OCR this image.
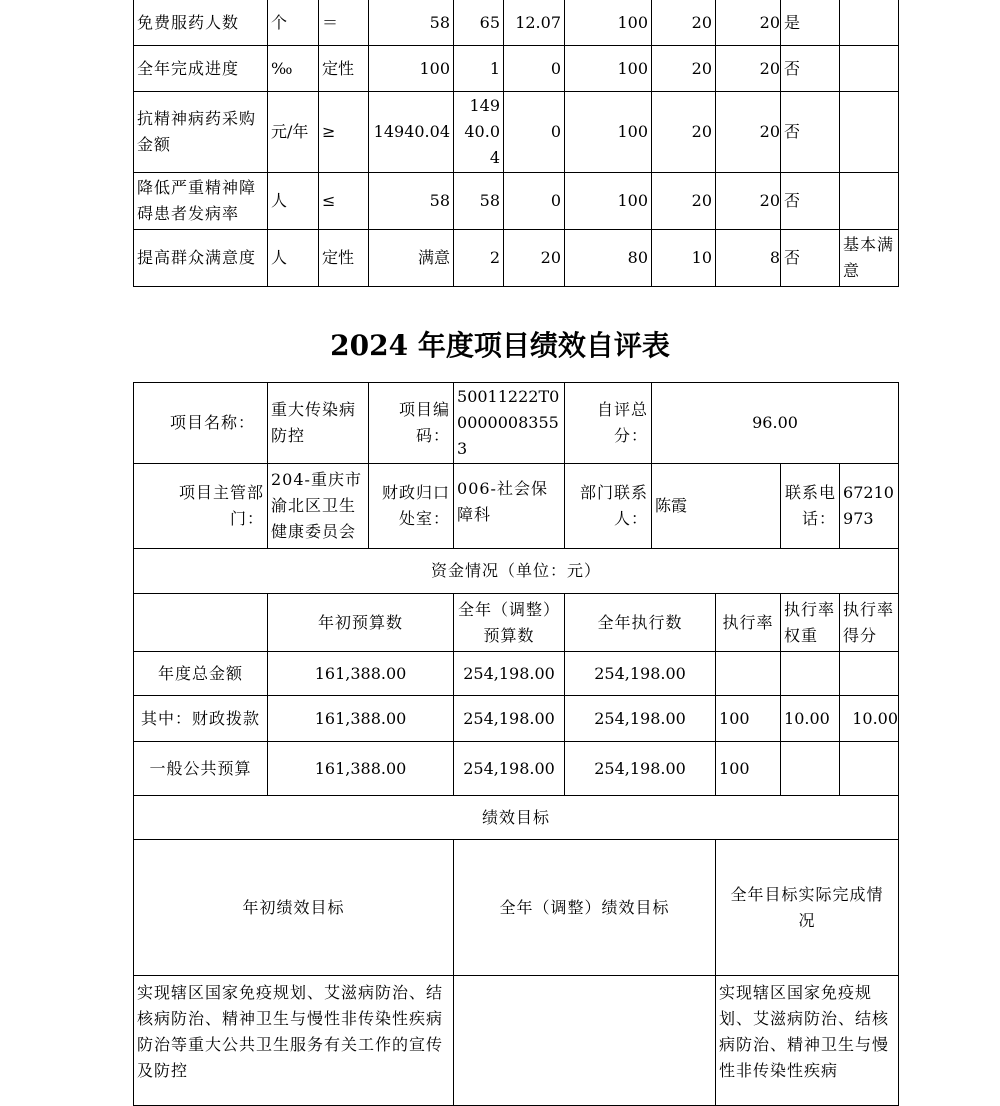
免费服药人数	个	＝	58	65	12.07	100	20	20	是	
全年完成进度	‰	定性	100	1	0	100	20	20	否	
抗精神病药采购金额	元/年	≥	14940.04	14940.04	0	100	20	20	否	
降低严重精神障碍患者发病率	人	≤	58	58	0	100	20	20	否	
提高群众满意度	人	定性	满意	2	20	80	10	8	否	基本满意
2024 年度项目绩效自评表
项目名称：	重大传染病防控	项目编码：	50011222T000000083553	自评总分：	96.00			
项目主管部门：	204-重庆市渝北区卫生健康委员会	财政归口处室：	006-社会保障科	部门联系人：	陈霞		联系电话：	67210973
资金情况（单位：元）								
	年初预算数		全年（调整）预算数	全年执行数		执行率	执行率权重	执行率得分
年度总金额	161,388.00		254,198.00	254,198.00				
其中：财政拨款	161,388.00		254,198.00	254,198.00		100	10.00	10.00
一般公共预算	161,388.00		254,198.00	254,198.00		100		
绩效目标								
年初绩效目标			全年（调整）绩效目标			全年目标实际完成情况		
实现辖区国家免疫规划、艾滋病防治、结核病防治、精神卫生与慢性非传染性疾病防治等重大公共卫生服务有关工作的宣传及防控						实现辖区国家免疫规划、艾滋病防治、结核病防治、精神卫生与慢性非传染性疾病		
